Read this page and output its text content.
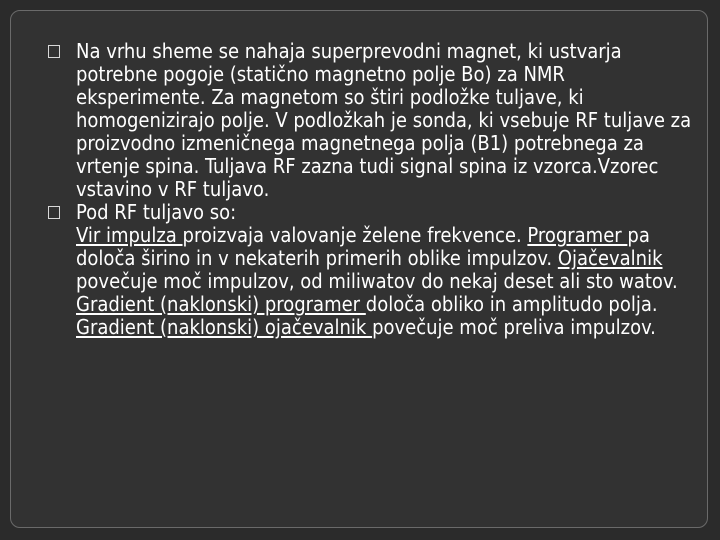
Na vrhu sheme se nahaja superprevodni magnet, ki ustvarja potrebne pogoje (statično magnetno polje Bo) za NMR eksperimente. Za magnetom so štiri podložke tuljave, ki homogenizirajo polje. V podložkah je sonda, ki vsebuje RF tuljave za proizvodno izmeničnega magnetnega polja (B1) potrebnega za vrtenje spina. Tuljava RF zazna tudi signal spina iz vzorca.Vzorec vstavino v RF tuljavo.

Pod RF tuljavo so:

Vir impulza proizvaja valovanje želene frekvence. Programer pa določa širino in v nekaterih primerih oblike impulzov. Ojačevalnik povečuje moč impulzov, od miliwatov do nekaj deset ali sto watov. Gradient (naklonski) programer določa obliko in amplitudo polja. Gradient (naklonski) ojačevalnik povečuje moč preliva impulzov.
